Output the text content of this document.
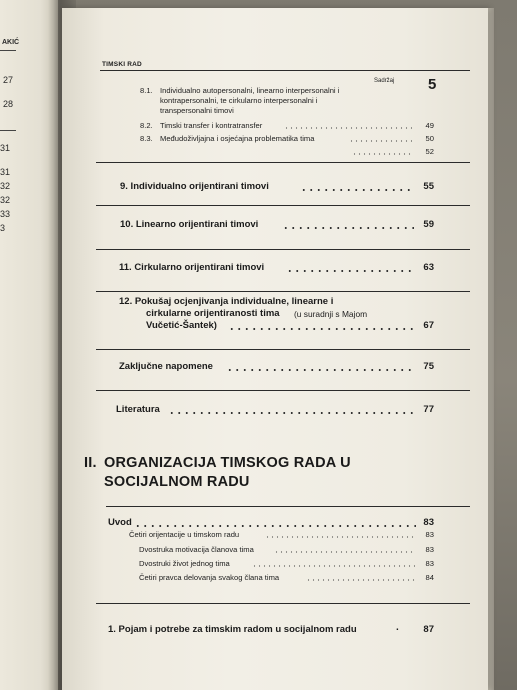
AKIĆ
27
28
31
31
32
32
33
3
TIMSKI RAD
Sadržaj 5
8.1. Individualno autopersonalni, linearno interpersonalni i
kontrapersonalni, te cirkularno interpersonalni i
transpersonalni timovi
8.2. Timski transfer i kontratransfer	49
8.3. Međudoživljajna i osjećajna problematika tima	50
52
9. Individualno orijentirani timovi	55
10. Linearno orijentirani timovi	59
11. Cirkularno orijentirani timovi	63
12. Pokušaj ocjenjivanja individualne, linearne i
cirkularne orijentiranosti tima (u suradnji s Majom
Vučetić-Šantek)	67
Zaključne napomene	75
Literatura	77
II. ORGANIZACIJA TIMSKOG RADA U
SOCIJALNOM RADU
Uvod	83
Četiri orijentacije u timskom radu	83
Dvostruka motivacija članova tima	83
Dvostruki život jednog tima	83
Četiri pravca delovanja svakog člana tima	84
1. Pojam i potrebe za timskim radom u socijalnom radu	.	87
